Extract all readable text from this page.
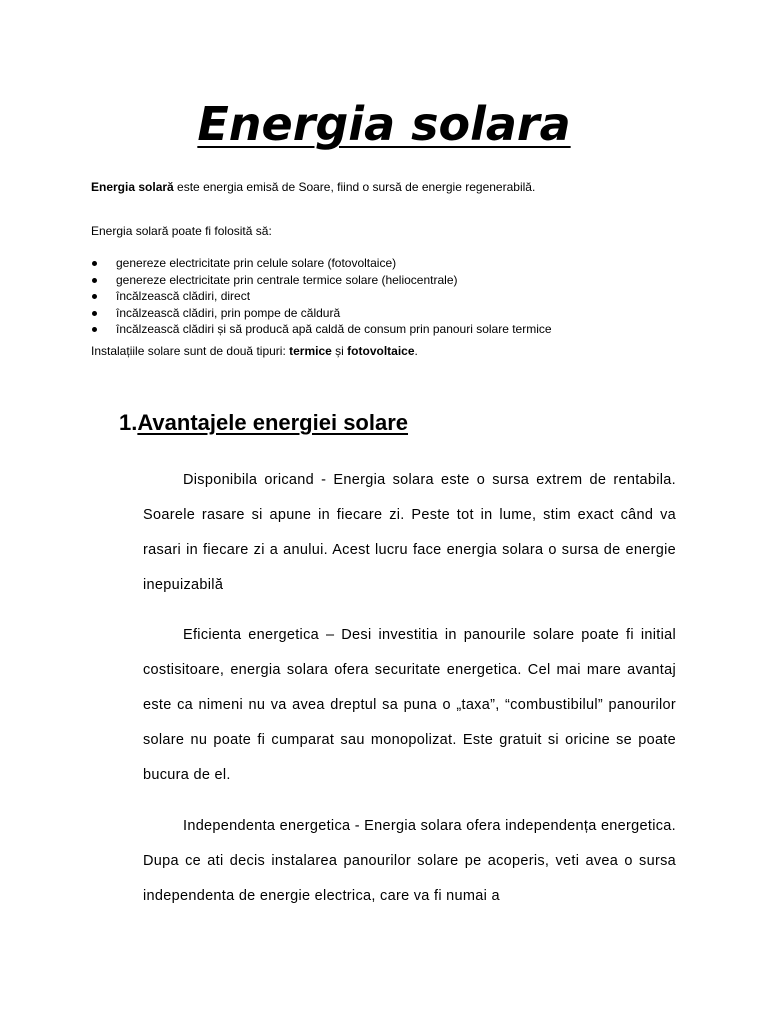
Energia solara

Energia solară este energia emisă de Soare, fiind o sursă de energie regenerabilă.

Energia solară poate fi folosită să:

genereze electricitate prin celule solare (fotovoltaice)
genereze electricitate prin centrale termice solare (heliocentrale)
încălzească clădiri, direct
încălzească clădiri, prin pompe de căldură
încălzească clădiri și să producă apă caldă de consum prin panouri solare termice

Instalațiile solare sunt de două tipuri: termice și fotovoltaice.

1.Avantajele energiei solare

Disponibila oricand - Energia solara este o sursa extrem de rentabila. Soarele rasare si apune in fiecare zi. Peste tot in lume, stim exact când va rasari in fiecare zi a anului. Acest lucru face energia solara o sursa de energie inepuizabilă

Eficienta energetica – Desi investitia in panourile solare poate fi initial costisitoare, energia solara ofera securitate energetica. Cel mai mare avantaj este ca nimeni nu va avea dreptul sa puna o „taxa”, “combustibilul” panourilor solare nu poate fi cumparat sau monopolizat. Este gratuit si oricine se poate bucura de el.

Independenta energetica - Energia solara ofera independența energetica. Dupa ce ati decis instalarea panourilor solare pe acoperis, veti avea o sursa independenta de energie electrica, care va fi numai a
